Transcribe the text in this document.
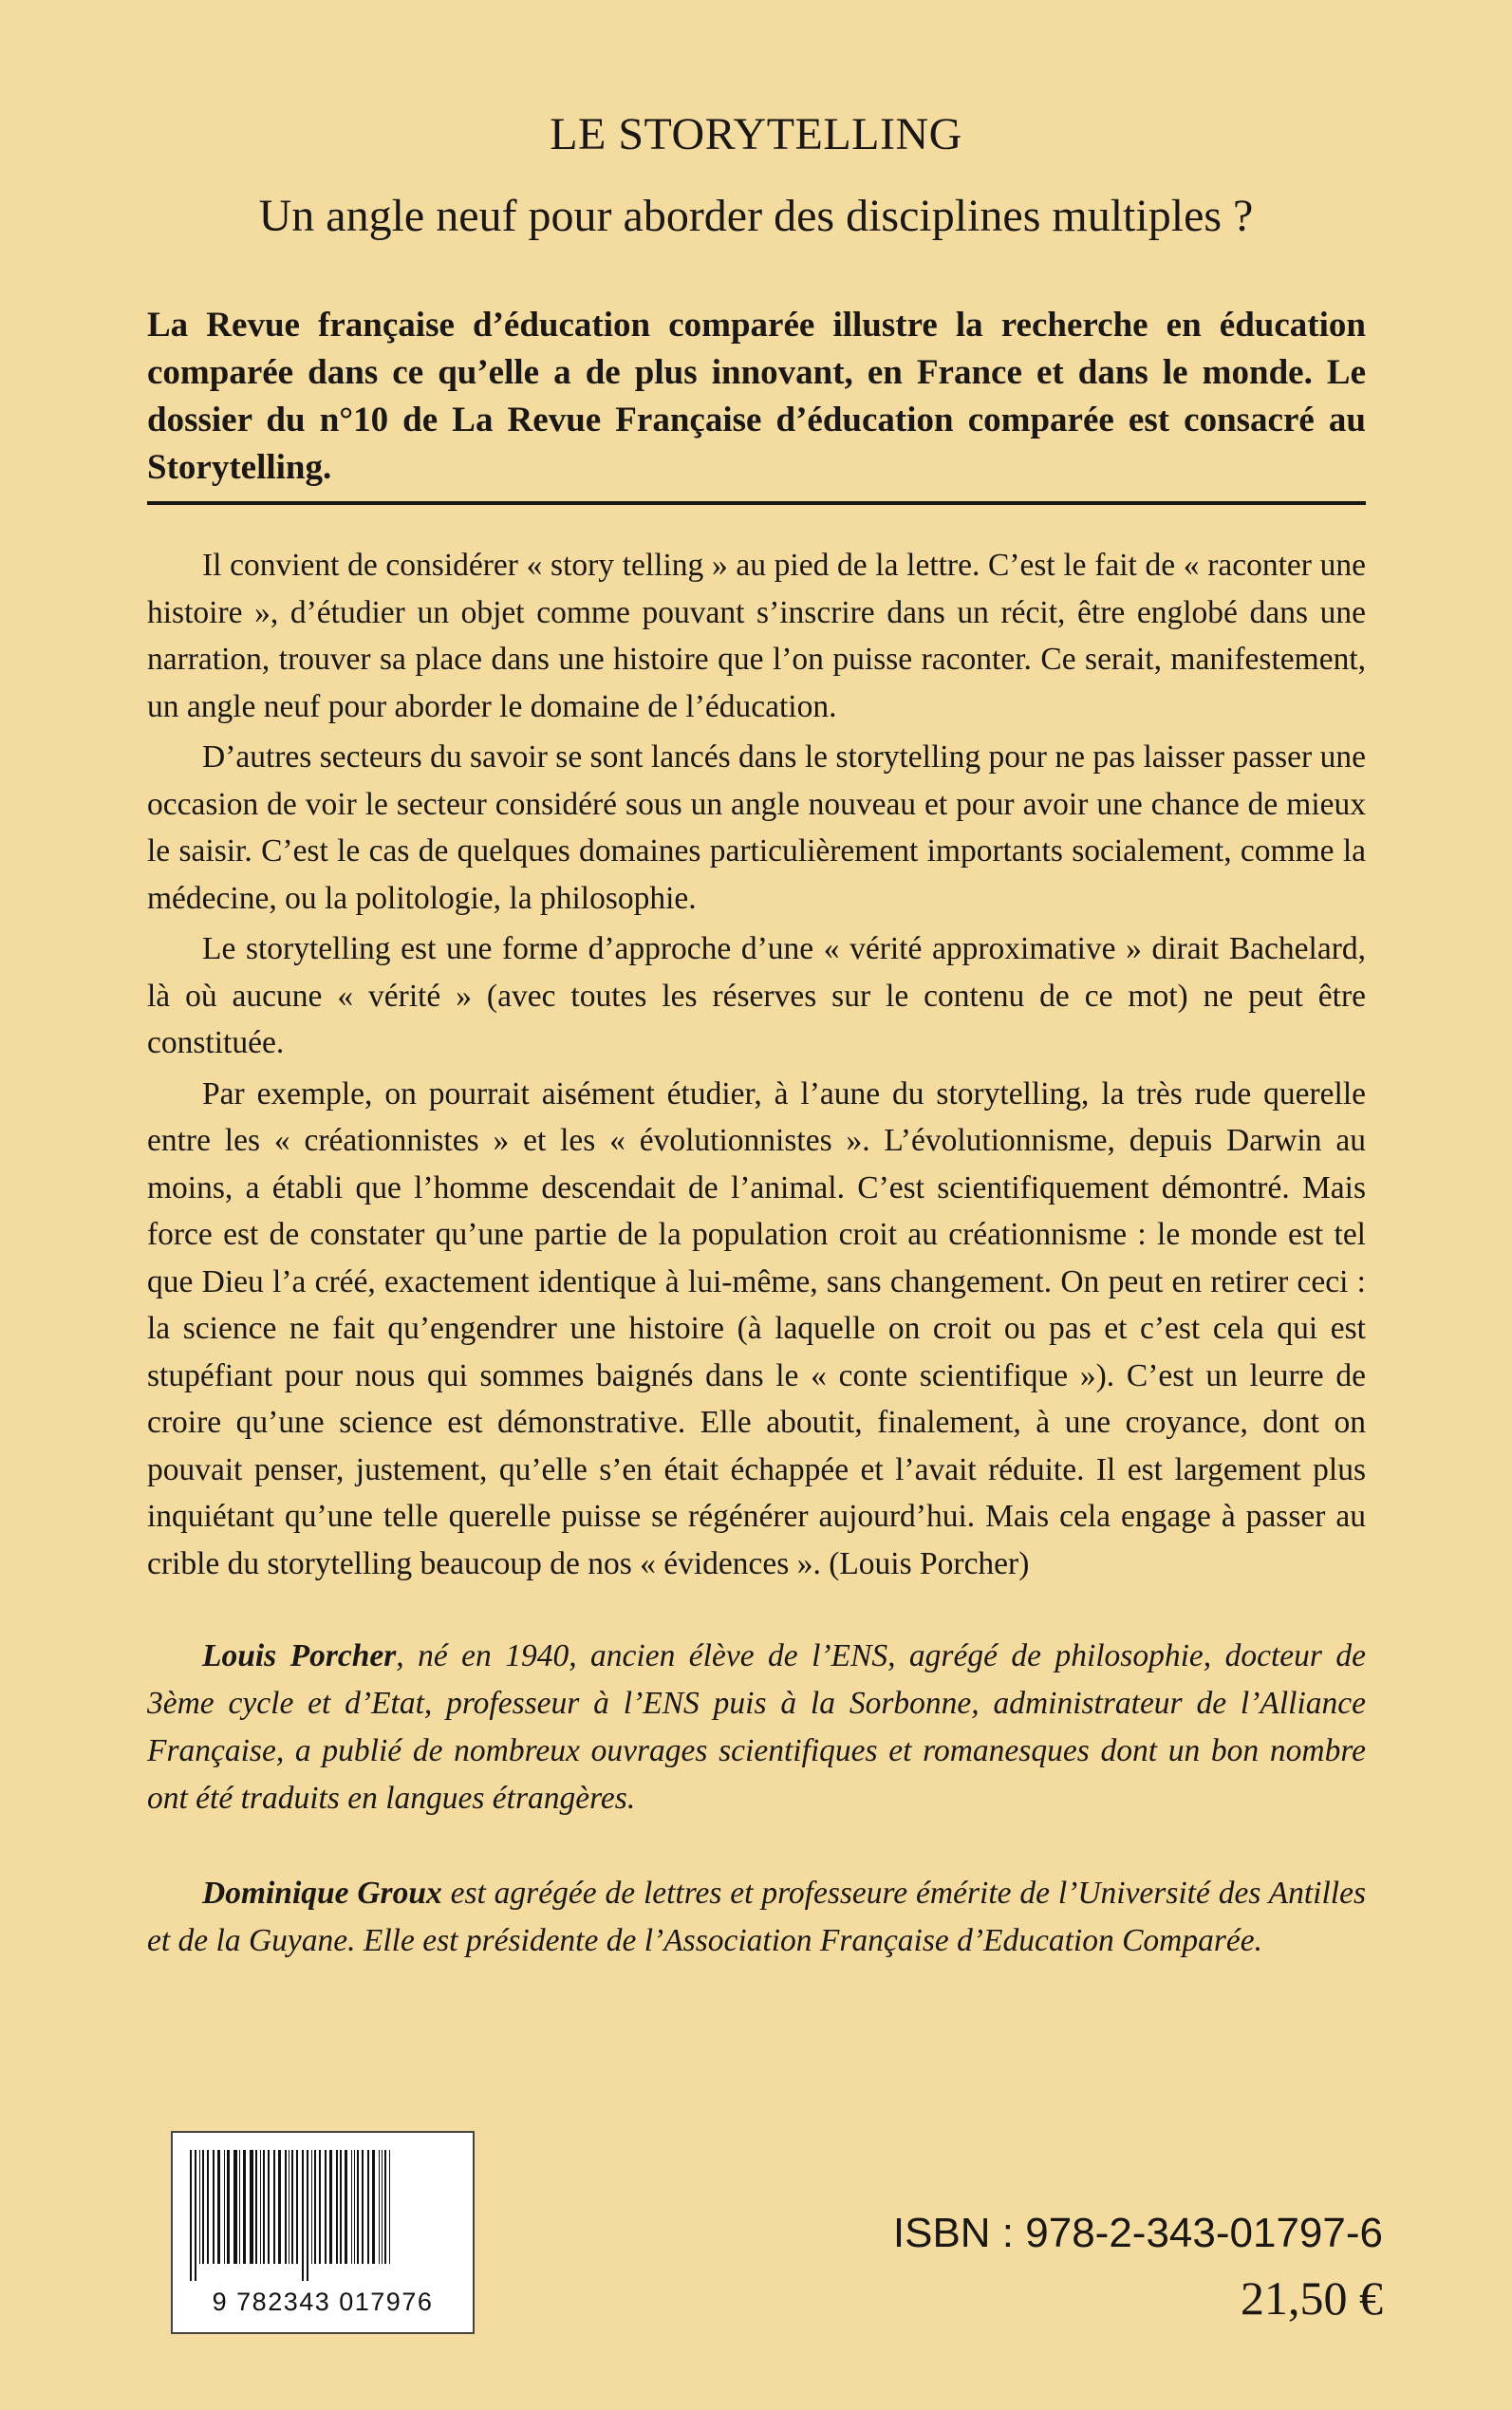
LE STORYTELLING
Un angle neuf pour aborder des disciplines multiples ?

La Revue française d’éducation comparée illustre la recherche en éducation comparée dans ce qu’elle a de plus innovant, en France et dans le monde. Le dossier du n°10 de La Revue Française d’éducation comparée est consacré au Storytelling.

Il convient de considérer « story telling » au pied de la lettre. C’est le fait de « raconter une histoire », d’étudier un objet comme pouvant s’inscrire dans un récit, être englobé dans une narration, trouver sa place dans une histoire que l’on puisse raconter. Ce serait, manifestement, un angle neuf pour aborder le domaine de l’éducation.

D’autres secteurs du savoir se sont lancés dans le storytelling pour ne pas laisser passer une occasion de voir le secteur considéré sous un angle nouveau et pour avoir une chance de mieux le saisir. C’est le cas de quelques domaines particulièrement importants socialement, comme la médecine, ou la politologie, la philosophie.

Le storytelling est une forme d’approche d’une « vérité approximative » dirait Bachelard, là où aucune « vérité » (avec toutes les réserves sur le contenu de ce mot) ne peut être constituée.

Par exemple, on pourrait aisément étudier, à l’aune du storytelling, la très rude querelle entre les « créationnistes » et les « évolutionnistes ». L’évolutionnisme, depuis Darwin au moins, a établi que l’homme descendait de l’animal. C’est scientifiquement démontré. Mais force est de constater qu’une partie de la population croit au créationnisme : le monde est tel que Dieu l’a créé, exactement identique à lui-même, sans changement. On peut en retirer ceci : la science ne fait qu’engendrer une histoire (à laquelle on croit ou pas et c’est cela qui est stupéfiant pour nous qui sommes baignés dans le « conte scientifique »). C’est un leurre de croire qu’une science est démonstrative. Elle aboutit, finalement, à une croyance, dont on pouvait penser, justement, qu’elle s’en était échappée et l’avait réduite. Il est largement plus inquiétant qu’une telle querelle puisse se régénérer aujourd’hui. Mais cela engage à passer au crible du storytelling beaucoup de nos « évidences ». (Louis Porcher)

Louis Porcher, né en 1940, ancien élève de l’ENS, agrégé de philosophie, docteur de 3ème cycle et d’Etat, professeur à l’ENS puis à la Sorbonne, administrateur de l’Alliance Française, a publié de nombreux ouvrages scientifiques et romanesques dont un bon nombre ont été traduits en langues étrangères.

Dominique Groux est agrégée de lettres et professeure émérite de l’Université des Antilles et de la Guyane. Elle est présidente de l’Association Française d’Education Comparée.

9 782343 017976
ISBN : 978-2-343-01797-6
21,50 €
